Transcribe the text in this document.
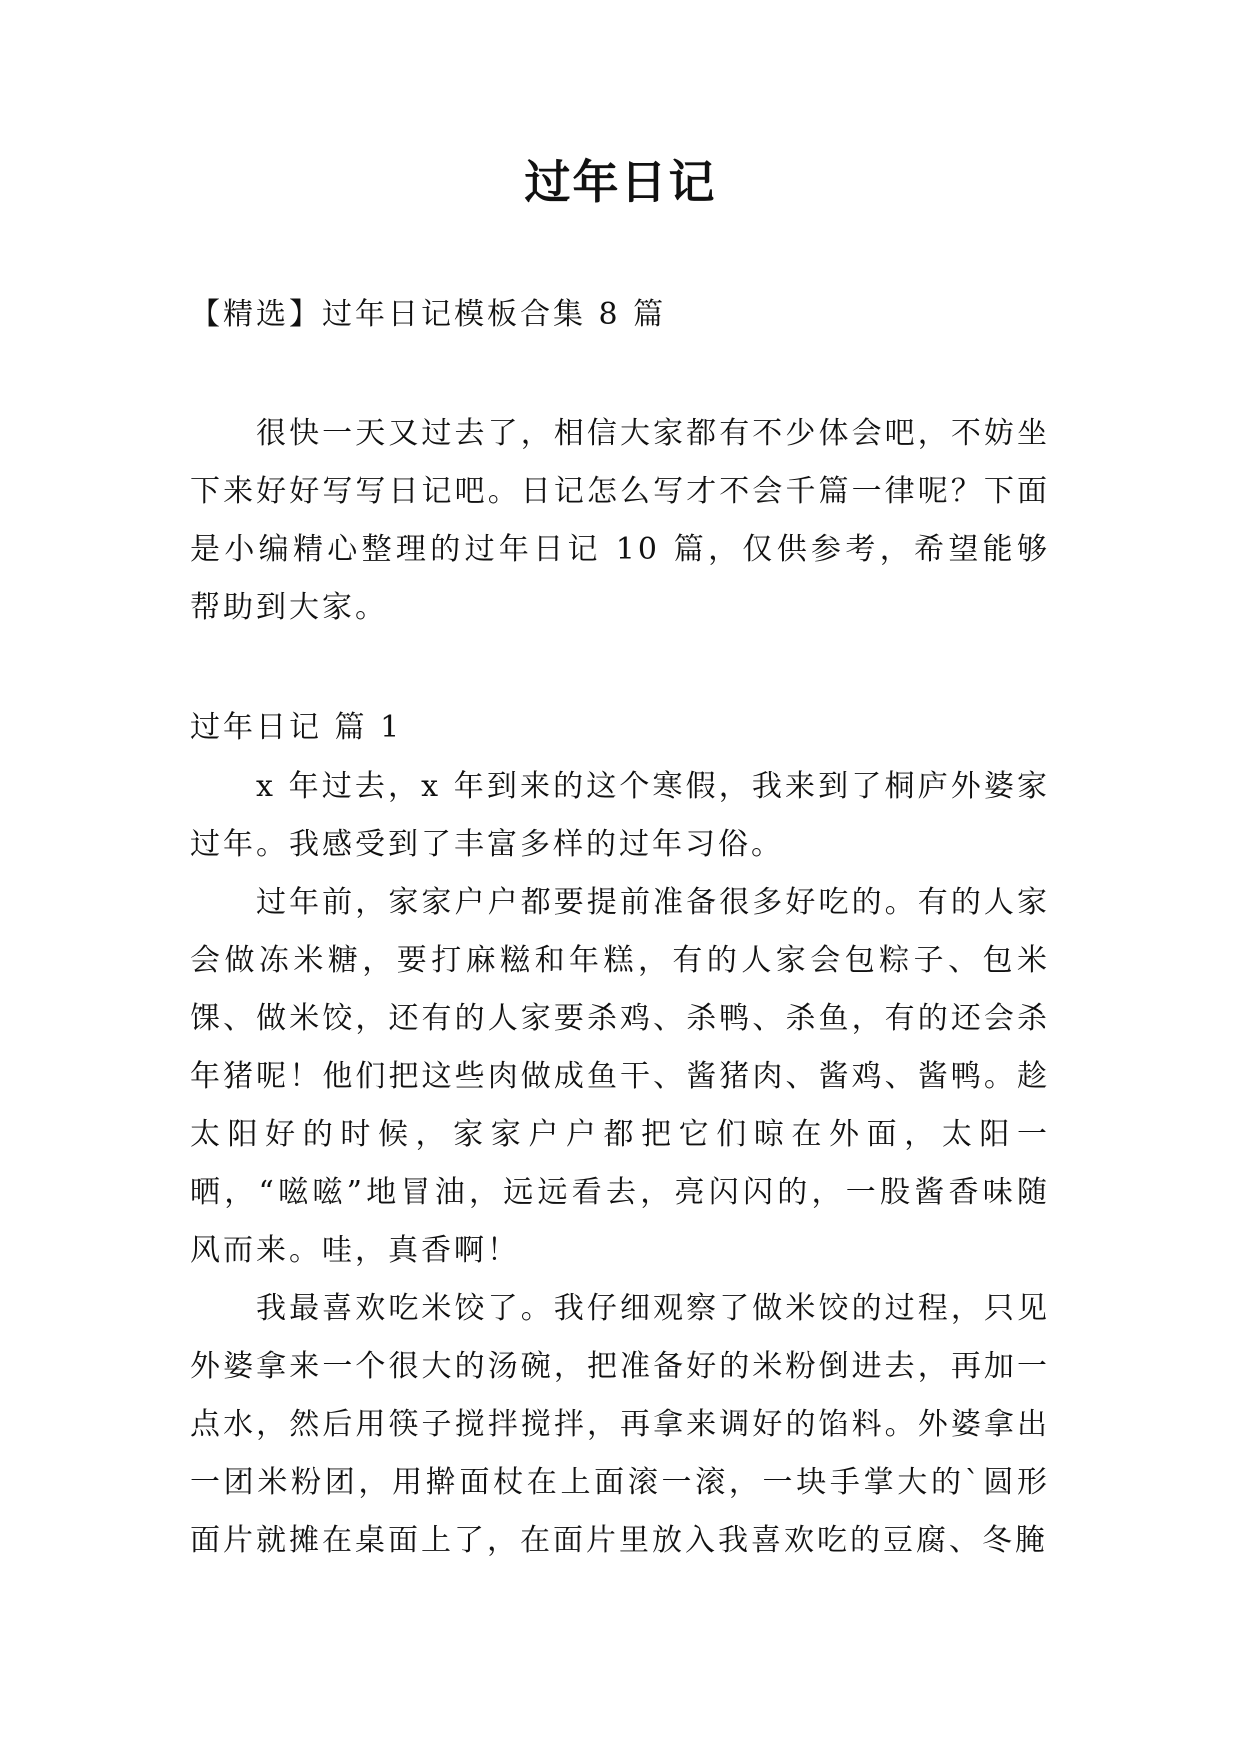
过年日记

【精选】过年日记模板合集 8 篇

很快一天又过去了，相信大家都有不少体会吧，不妨坐下来好好写写日记吧。日记怎么写才不会千篇一律呢？下面是小编精心整理的过年日记 10 篇，仅供参考，希望能够帮助到大家。

过年日记 篇 1

x 年过去，x 年到来的这个寒假，我来到了桐庐外婆家过年。我感受到了丰富多样的过年习俗。

过年前，家家户户都要提前准备很多好吃的。有的人家会做冻米糖，要打麻糍和年糕，有的人家会包粽子、包米馃、做米饺，还有的人家要杀鸡、杀鸭、杀鱼，有的还会杀年猪呢！他们把这些肉做成鱼干、酱猪肉、酱鸡、酱鸭。趁太阳好的时候，家家户户都把它们晾在外面，太阳一晒，“嗞嗞”地冒油，远远看去，亮闪闪的，一股酱香味随风而来。哇，真香啊！

我最喜欢吃米饺了。我仔细观察了做米饺的过程，只见外婆拿来一个很大的汤碗，把准备好的米粉倒进去，再加一点水，然后用筷子搅拌搅拌，再拿来调好的馅料。外婆拿出一团米粉团，用擀面杖在上面滚一滚，一块手掌大的`圆形面片就摊在桌面上了，在面片里放入我喜欢吃的豆腐、冬腌
